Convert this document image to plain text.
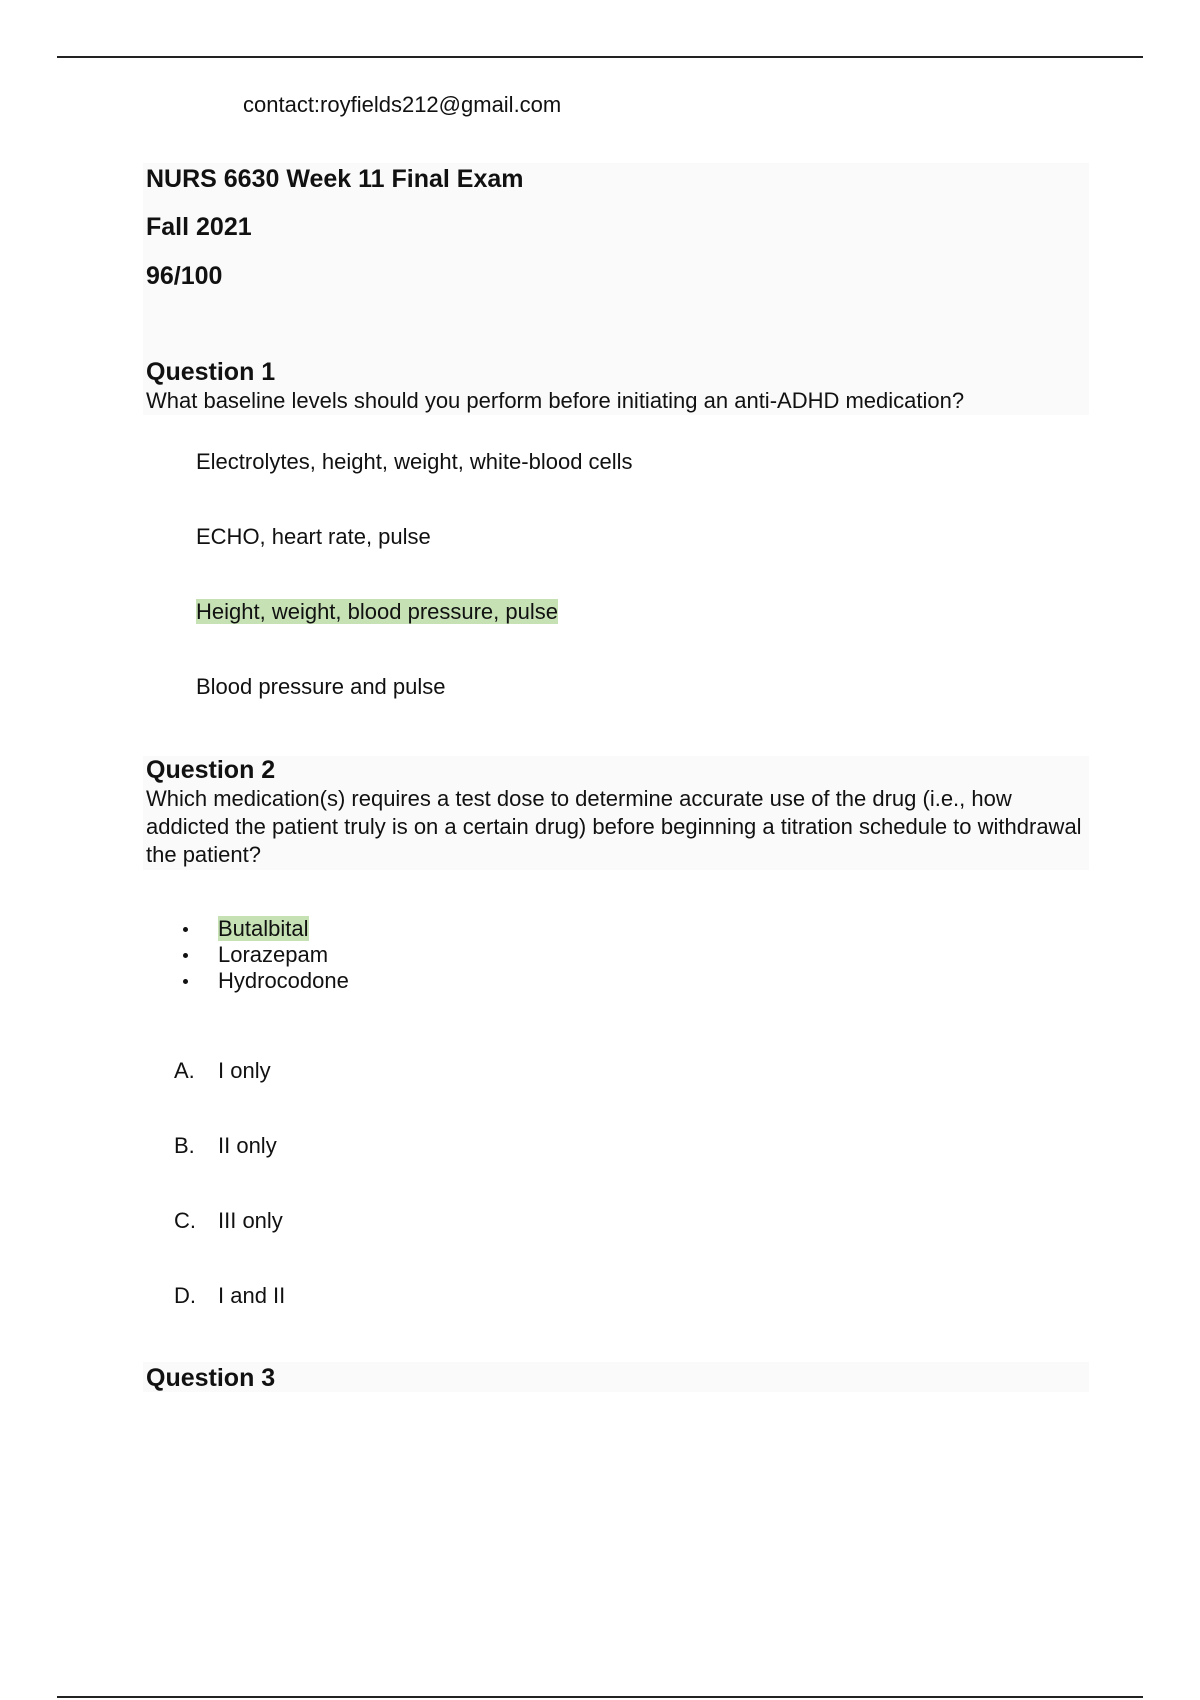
contact:royfields212@gmail.com
NURS 6630 Week 11 Final Exam
Fall 2021
96/100
Question 1
What baseline levels should you perform before initiating an anti-ADHD medication?
Electrolytes, height, weight, white-blood cells
ECHO, heart rate, pulse
Height, weight, blood pressure, pulse
Blood pressure and pulse
Question 2
Which medication(s) requires a test dose to determine accurate use of the drug (i.e., how addicted the patient truly is on a certain drug) before beginning a titration schedule to withdrawal the patient?
Butalbital
Lorazepam
Hydrocodone
A. I only
B. II only
C. III only
D. I and II
Question 3
